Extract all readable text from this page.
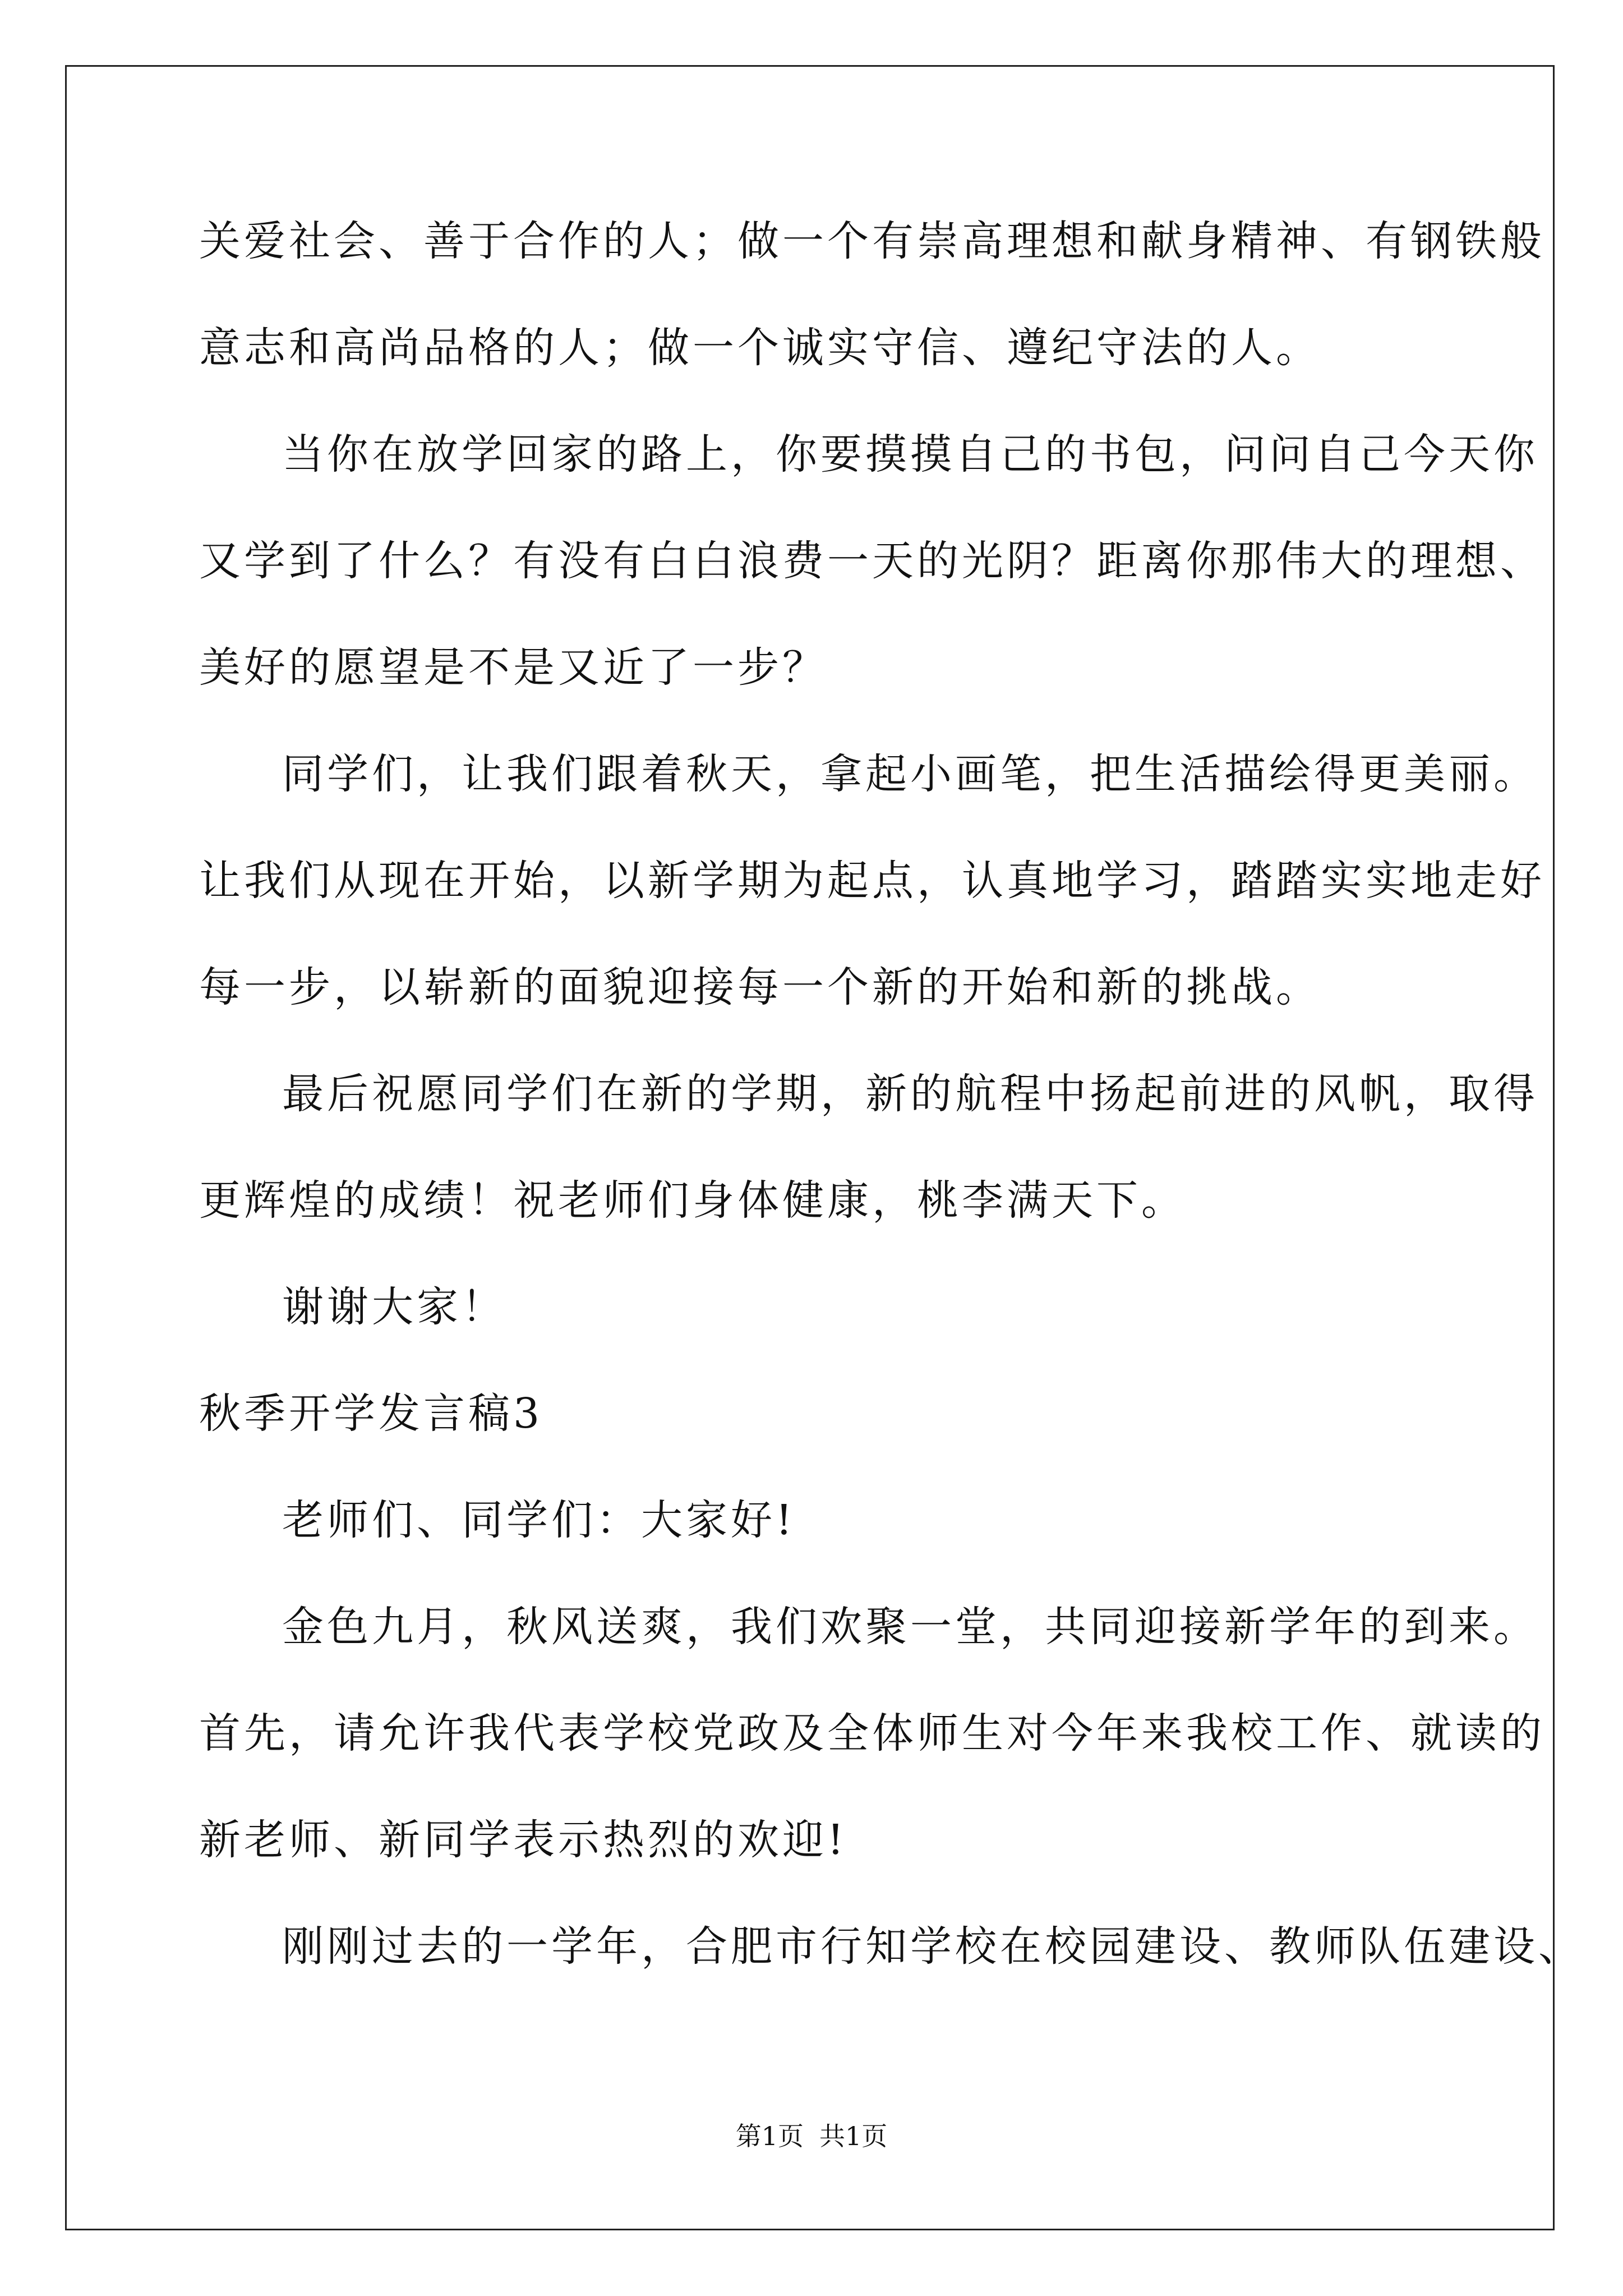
关爱社会、善于合作的人；做一个有崇高理想和献身精神、有钢铁般
意志和高尚品格的人；做一个诚实守信、遵纪守法的人。
当你在放学回家的路上，你要摸摸自己的书包，问问自己今天你
又学到了什么？有没有白白浪费一天的光阴？距离你那伟大的理想、
美好的愿望是不是又近了一步？
同学们，让我们跟着秋天，拿起小画笔，把生活描绘得更美丽。
让我们从现在开始，以新学期为起点，认真地学习，踏踏实实地走好
每一步，以崭新的面貌迎接每一个新的开始和新的挑战。
最后祝愿同学们在新的学期，新的航程中扬起前进的风帆，取得
更辉煌的成绩！祝老师们身体健康，桃李满天下。
谢谢大家！
秋季开学发言稿3
老师们、同学们：大家好!
金色九月，秋风送爽，我们欢聚一堂，共同迎接新学年的到来。
首先，请允许我代表学校党政及全体师生对今年来我校工作、就读的
新老师、新同学表示热烈的欢迎!
刚刚过去的一学年，合肥市行知学校在校园建设、教师队伍建设、
第1页 共1页
